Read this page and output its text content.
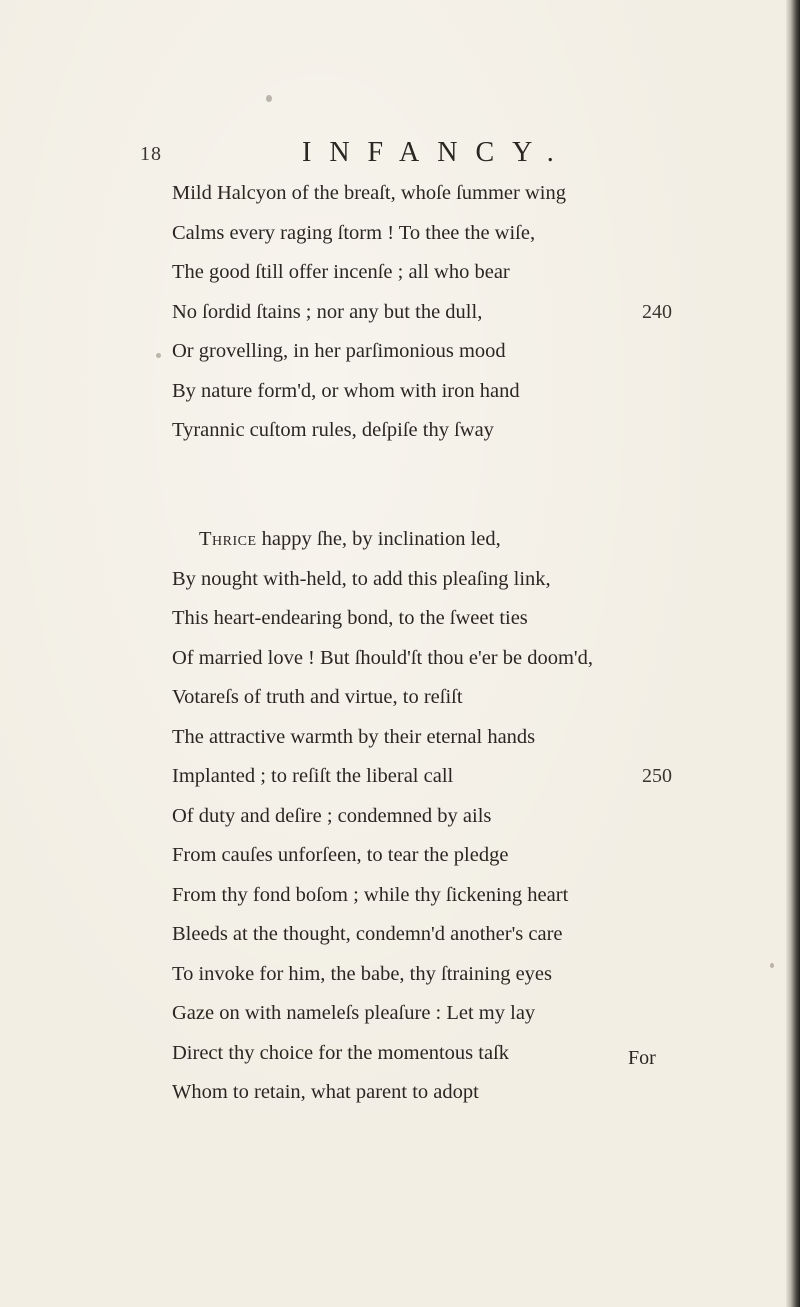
18	INFANCY.
Mild Halcyon of the breaſt, whoſe ſummer wing
Calms every raging ſtorm ! To thee the wiſe,
The good ſtill offer incenſe ; all who bear
No ſordid ſtains ; nor any but the dull,	240
Or grovelling, in her parſimonious mood
By nature form'd, or whom with iron hand
Tyrannic cuſtom rules, deſpiſe thy ſway
Thrice happy ſhe, by inclination led,
By nought with-held, to add this pleaſing link,
This heart-endearing bond, to the ſweet ties
Of married love ! But ſhould'ſt thou e'er be doom'd,
Votareſs of truth and virtue, to reſiſt
The attractive warmth by their eternal hands
Implanted ; to reſiſt the liberal call	250
Of duty and deſire ; condemned by ails
From cauſes unforſeen, to tear the pledge
From thy fond boſom ; while thy ſickening heart
Bleeds at the thought, condemn'd another's care
To invoke for him, the babe, thy ſtraining eyes
Gaze on with nameleſs pleaſure : Let my lay
Direct thy choice for the momentous taſk
Whom to retain, what parent to adopt
For
